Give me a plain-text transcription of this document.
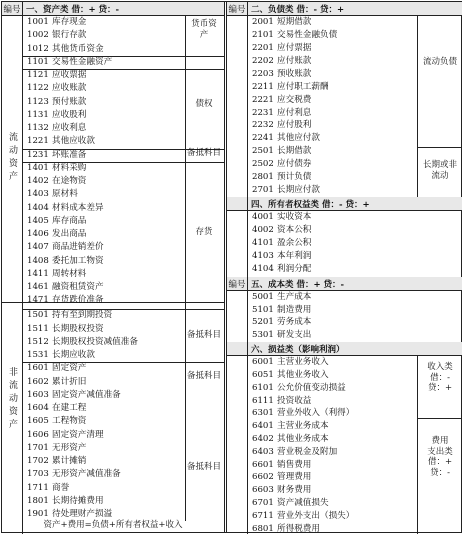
编号 一、资产类 借：+ 贷：-
流动资产
非流动资产
1001 库存现金
1002 银行存款
1012 其他货币资金
1101 交易性金融资产
1121 应收票据
1122 应收账款
1123 预付账款
1131 应收股利
1132 应收利息
1221 其他应收款
1231 坏账准备
1401 材料采购
1402 在途物资
1403 原材料
1404 材料成本差异
1405 库存商品
1406 发出商品
1407 商品进销差价
1408 委托加工物资
1411 周转材料
1461 融资租赁资产
1471 存货跌价准备
1501 持有至到期投资
1511 长期股权投资
1512 长期股权投资减值准备
1531 长期应收款
1601 固定资产
1602 累计折旧
1603 固定资产减值准备
1604 在建工程
1605 工程物资
1606 固定资产清理
1701 无形资产
1702 累计摊销
1703 无形资产减值准备
1711 商誉
1801 长期待摊费用
1901 待处理财产损溢
货币资产
债权
备抵科目
存货
备抵科目
备抵科目
备抵科目
资产+费用=负债+所有者权益+收入
编号 二、负债类 借：- 贷：+
四、所有者权益类 借：- 贷：+
编号 五、成本类 借：+ 贷：-
六、损益类（影响利润）
2001 短期借款
2101 交易性金融负债
2201 应付票据
2202 应付账款
2203 预收账款
2211 应付职工薪酬
2221 应交税费
2231 应付利息
2232 应付股利
2241 其他应付款
2501 长期借款
2502 应付债券
2801 预计负债
2701 长期应付款
4001 实收资本
4002 资本公积
4101 盈余公积
4103 本年利润
4104 利润分配
5001 生产成本
5101 制造费用
5201 劳务成本
5301 研发支出
6001 主营业务收入
6051 其他业务收入
6101 公允价值变动损益
6111 投资收益
6301 营业外收入（利得）
6401 主营业务成本
6402 其他业务成本
6403 营业税金及附加
6601 销售费用
6602 管理费用
6603 财务费用
6701 资产减值损失
6711 营业外支出（损失）
6801 所得税费用
流动负债
长期或非流动
收入类
借：-
贷：+
费用
支出类
借：+
贷：-
